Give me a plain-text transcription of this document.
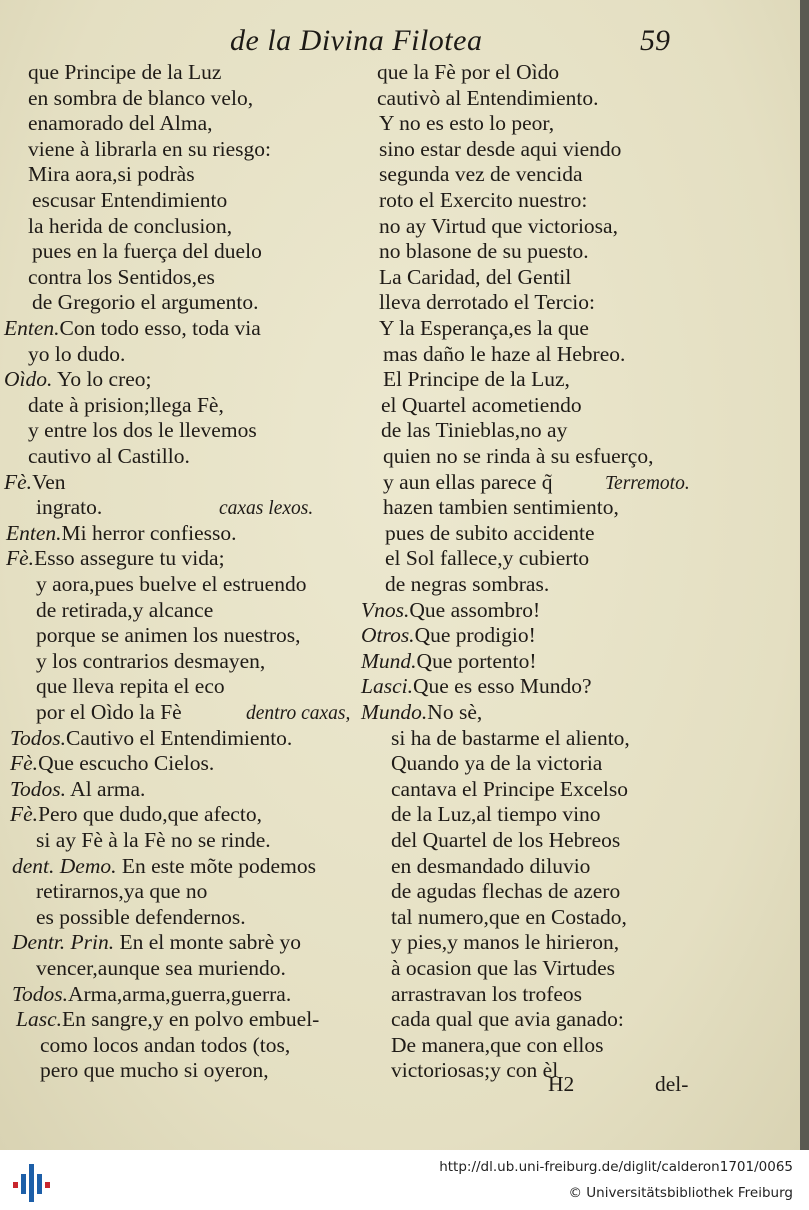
de la Divina Filotea	59
que Principe de la Luz
en sombra de blanco velo,
enamorado del Alma,
viene à librarla en su riesgo:
Mira aora,si podràs
escusar Entendimiento
la herida de conclusion,
pues en la fuerça del duelo
contra los Sentidos,es
de Gregorio el argumento.
Enten.Con todo esso, toda via
yo lo dudo.
Oìdo. Yo lo creo;
date à prision;llega Fè,
y entre los dos le llevemos
cautivo al Castillo.
Fè.Ven
ingrato.	caxas lexos.
Enten.Mi herror confiesso.
Fè.Esso assegure tu vida;
y aora,pues buelve el estruendo
de retirada,y alcance
porque se animen los nuestros,
y los contrarios desmayen,
que lleva repita el eco
por el Oìdo la Fè	dentro caxas,
Todos.Cautivo el Entendimiento.
Fè.Que escucho Cielos.
Todos. Al arma.
Fè.Pero que dudo,que afecto,
si ay Fè à la Fè no se rinde.
dent. Demo. En este mõte podemos
retirarnos,ya que no
es possible defendernos.
Dentr. Prin. En el monte sabrè yo
vencer,aunque sea muriendo.
Todos.Arma,arma,guerra,guerra.
Lasc.En sangre,y en polvo embuel-
como locos andan todos (tos,
pero que mucho si oyeron,
que la Fè por el Oìdo
cautivò al Entendimiento.
Y no es esto lo peor,
sino estar desde aqui viendo
segunda vez de vencida
roto el Exercito nuestro:
no ay Virtud que victoriosa,
no blasone de su puesto.
La Caridad, del Gentil
lleva derrotado el Tercio:
Y la Esperança,es la que
mas daño le haze al Hebreo.
El Principe de la Luz,
el Quartel acometiendo
de las Tinieblas,no ay
quien no se rinda à su esfuerço,
y aun ellas parece q̃	Terremoto.
hazen tambien sentimiento,
pues de subito accidente
el Sol fallece,y cubierto
de negras sombras.
Vnos.Que assombro!
Otros.Que prodigio!
Mund.Que portento!
Lasci.Que es esso Mundo?
Mundo.No sè,
si ha de bastarme el aliento,
Quando ya de la victoria
cantava el Principe Excelso
de la Luz,al tiempo vino
del Quartel de los Hebreos
en desmandado diluvio
de agudas flechas de azero
tal numero,que en Costado,
y pies,y manos le hirieron,
à ocasion que las Virtudes
arrastravan los trofeos
cada qual que avia ganado:
De manera,que con ellos
victoriosas;y con èl
H2	del-
http://dl.ub.uni-freiburg.de/diglit/calderon1701/0065
© Universitätsbibliothek Freiburg
